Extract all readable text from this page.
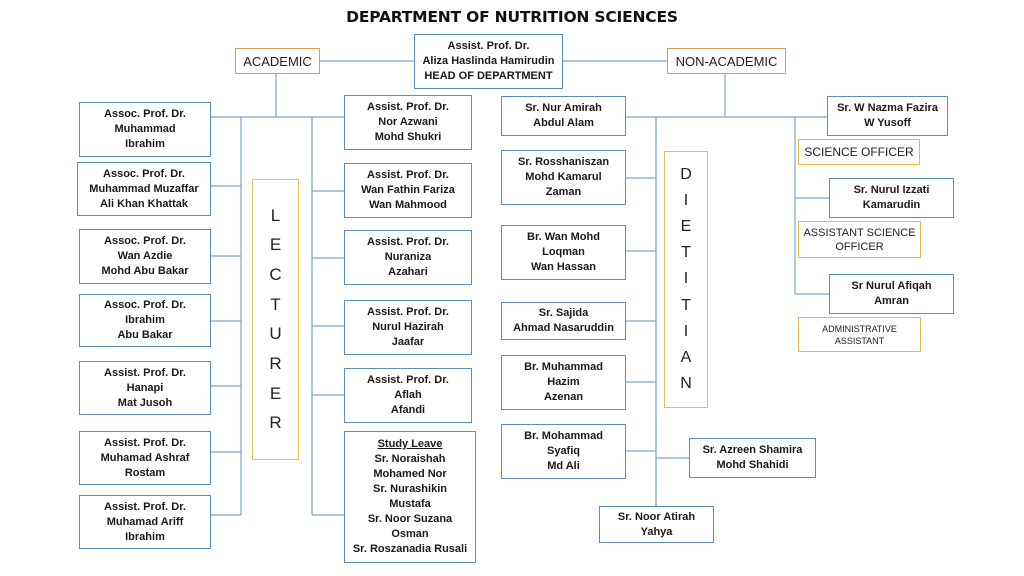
DEPARTMENT OF NUTRITION SCIENCES
Assist. Prof. Dr.
Aliza Haslinda Hamirudin
HEAD OF DEPARTMENT
ACADEMIC	NON-ACADEMIC
Assoc. Prof. Dr.
Muhammad
Ibrahim
Assoc. Prof. Dr.
Muhammad Muzaffar
Ali Khan Khattak
Assoc. Prof. Dr.
Wan Azdie
Mohd Abu Bakar
Assoc. Prof. Dr.
Ibrahim
Abu Bakar
Assist. Prof. Dr.
Hanapi
Mat Jusoh
Assist. Prof. Dr.
Muhamad Ashraf
Rostam
Assist. Prof. Dr.
Muhamad Ariff
Ibrahim
L
E
C
T
U
R
E
R
Assist. Prof. Dr.
Nor Azwani
Mohd Shukri
Assist. Prof. Dr.
Wan Fathin Fariza
Wan Mahmood
Assist. Prof. Dr.
Nuraniza
Azahari
Assist. Prof. Dr.
Nurul Hazirah
Jaafar
Assist. Prof. Dr.
Aflah
Afandi
Study Leave
Sr. Noraishah
Mohamed Nor
Sr. Nurashikin
Mustafa
Sr. Noor Suzana
Osman
Sr. Roszanadia Rusali
Sr. Nur Amirah
Abdul Alam
Sr. Rosshaniszan
Mohd Kamarul
Zaman
Br. Wan Mohd
Loqman
Wan Hassan
Sr. Sajida
Ahmad Nasaruddin
Br. Muhammad
Hazim
Azenan
Br. Mohammad
Syafiq
Md Ali
Sr. Azreen Shamira
Mohd Shahidi
Sr. Noor Atirah
Yahya
D
I
E
T
I
T
I
A
N
Sr. W Nazma Fazira
W Yusoff
SCIENCE OFFICER
Sr. Nurul Izzati
Kamarudin
ASSISTANT SCIENCE
OFFICER
Sr Nurul Afiqah
Amran
ADMINISTRATIVE
ASSISTANT
